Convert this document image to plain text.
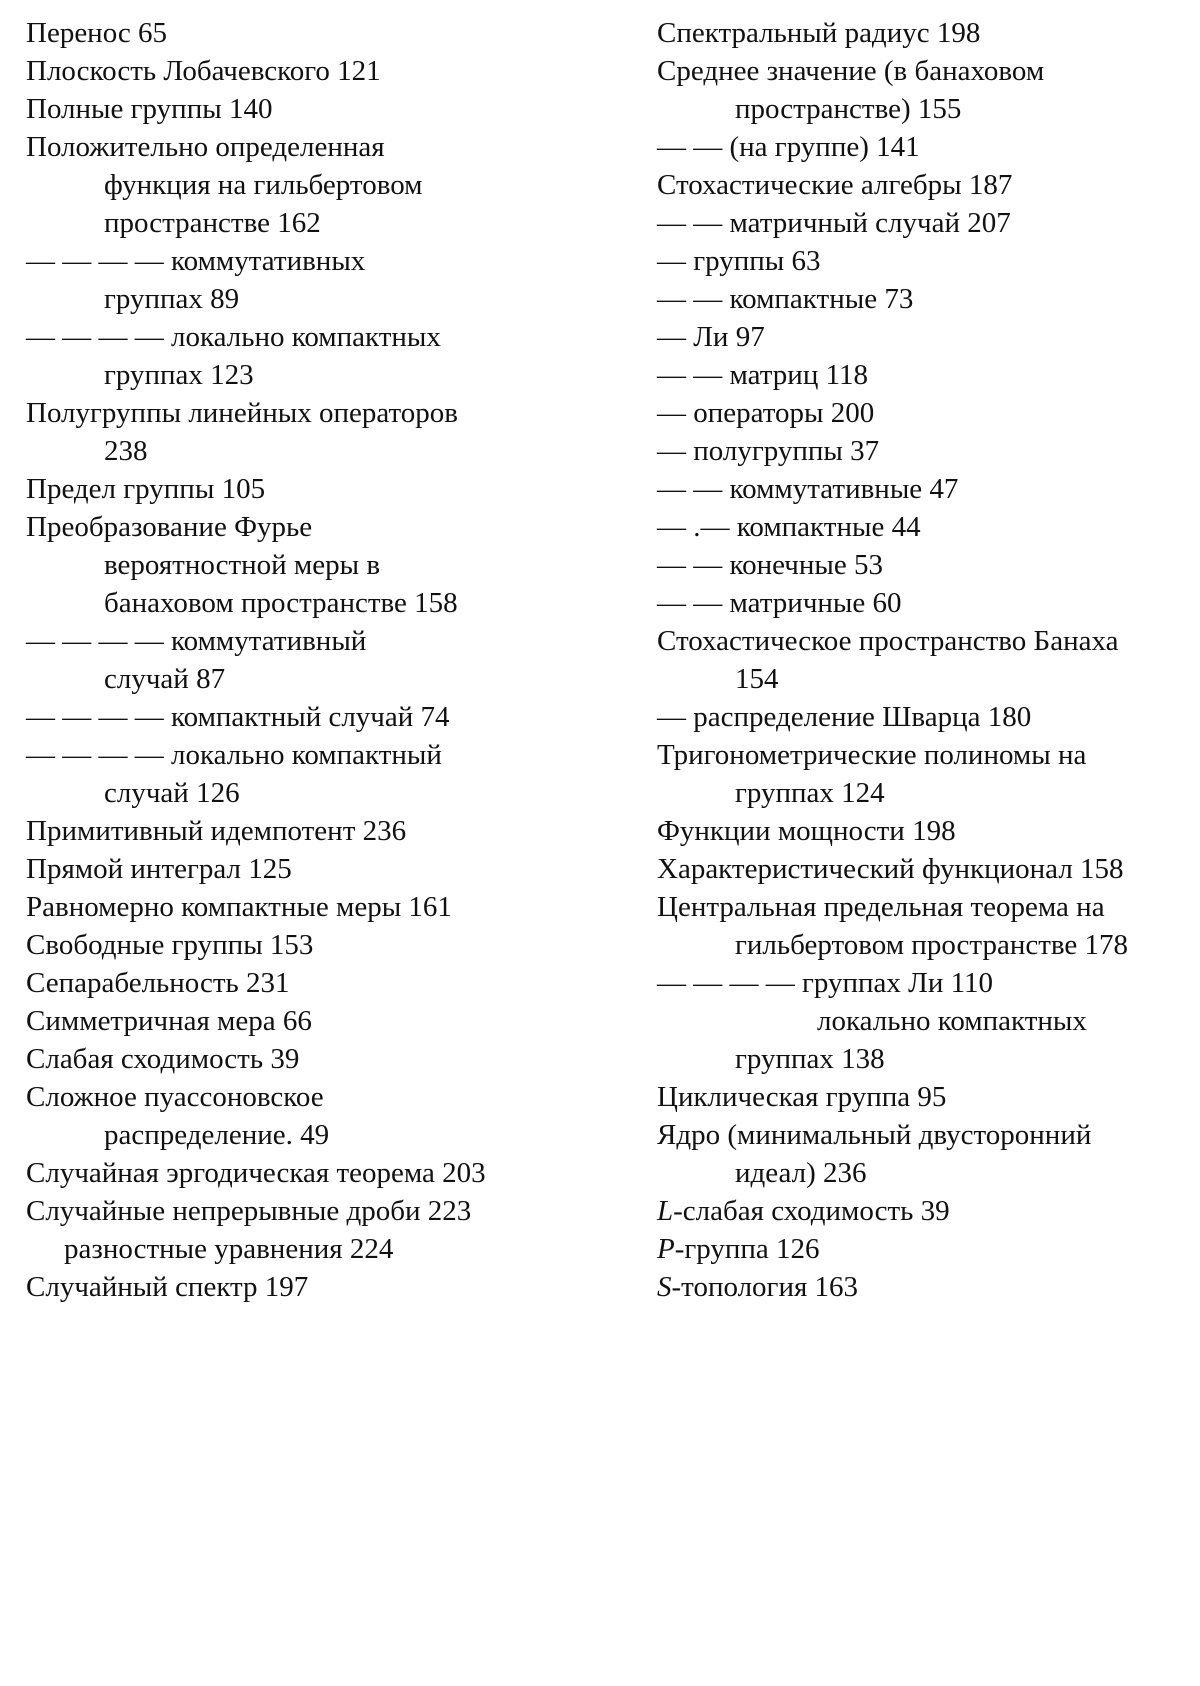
Перенос 65
Плоскость Лобачевского 121
Полные группы 140
Положительно определенная
функция на гильбертовом
пространстве 162
— — — — коммутативных
группах 89
— — — — локально компактных
группах 123
Полугруппы линейных операторов
238
Предел группы 105
Преобразование Фурье
вероятностной меры в
банаховом пространстве 158
— — — — коммутативный
случай 87
— — — — компактный случай 74
— — — — локально компактный
случай 126
Примитивный идемпотент 236
Прямой интеграл 125
Равномерно компактные меры 161
Свободные группы 153
Сепарабельность 231
Симметричная мера 66
Слабая сходимость 39
Сложное пуассоновское
распределение. 49
Случайная эргодическая теорема 203
Случайные непрерывные дроби 223
разностные уравнения 224
Случайный спектр 197
Спектральный радиус 198
Среднее значение (в банаховом
пространстве) 155
— — (на группе) 141
Стохастические алгебры 187
— — матричный случай 207
— группы 63
— — компактные 73
— Ли 97
— — матриц 118
— операторы 200
— полугруппы 37
— — коммутативные 47
— .— компактные 44
— — конечные 53
— — матричные 60
Стохастическое пространство Банаха
154
— распределение Шварца 180
Тригонометрические полиномы на
группах 124
Функции мощности 198
Характеристический функционал 158
Центральная предельная теорема на
гильбертовом пространстве 178
— — — — группах Ли 110
локально компактных
группах 138
Циклическая группа 95
Ядро (минимальный двусторонний
идеал) 236
L-слабая сходимость 39
P-группа 126
S-топология 163
